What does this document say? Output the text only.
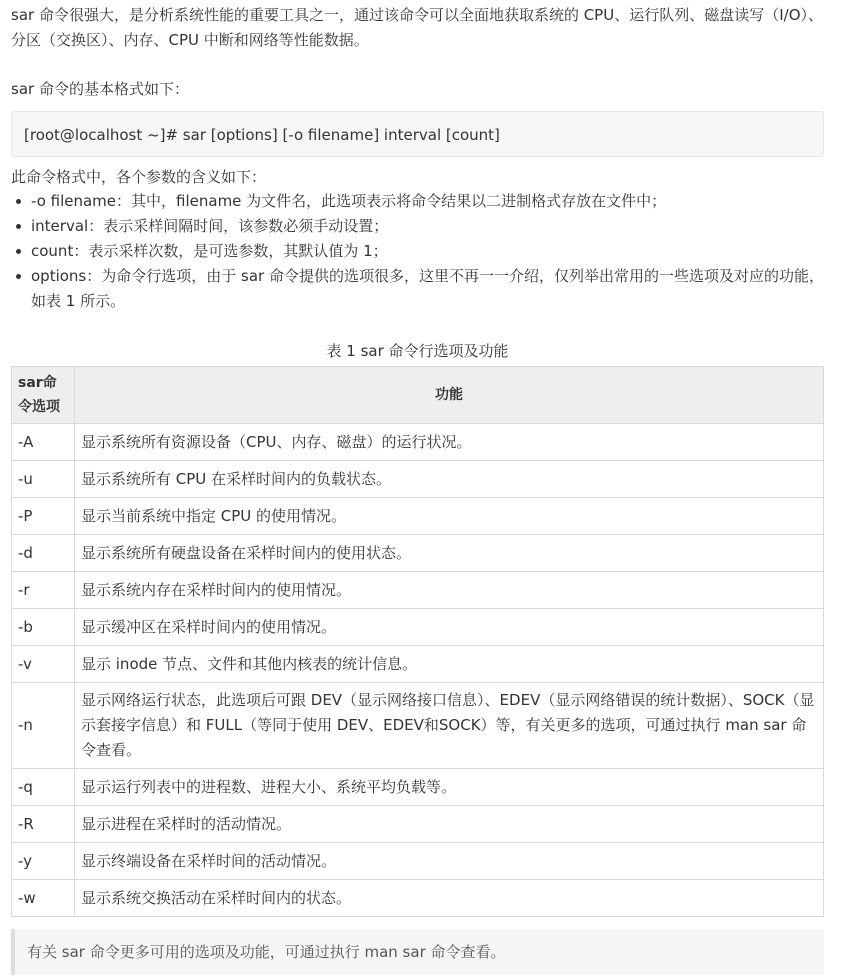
sar 命令很强大，是分析系统性能的重要工具之一，通过该命令可以全面地获取系统的 CPU、运行队列、磁盘读写（I/O）、分区（交换区）、内存、CPU 中断和网络等性能数据。

sar 命令的基本格式如下：

[root@localhost ~]# sar [options] [-o filename] interval [count]

此命令格式中，各个参数的含义如下：

-o filename：其中，filename 为文件名，此选项表示将命令结果以二进制格式存放在文件中；
interval：表示采样间隔时间，该参数必须手动设置；
count：表示采样次数，是可选参数，其默认值为 1；
options：为命令行选项，由于 sar 命令提供的选项很多，这里不再一一介绍，仅列举出常用的一些选项及对应的功能，如表 1 所示。
表 1 sar 命令行选项及功能
sar命令选项	功能
-A	显示系统所有资源设备（CPU、内存、磁盘）的运行状况。
-u	显示系统所有 CPU 在采样时间内的负载状态。
-P	显示当前系统中指定 CPU 的使用情况。
-d	显示系统所有硬盘设备在采样时间内的使用状态。
-r	显示系统内存在采样时间内的使用情况。
-b	显示缓冲区在采样时间内的使用情况。
-v	显示 inode 节点、文件和其他内核表的统计信息。
-n	显示网络运行状态，此选项后可跟 DEV（显示网络接口信息）、EDEV（显示网络错误的统计数据）、SOCK（显示套接字信息）和 FULL（等同于使用 DEV、EDEV和SOCK）等，有关更多的选项，可通过执行 man sar 命令查看。
-q	显示运行列表中的进程数、进程大小、系统平均负载等。
-R	显示进程在采样时的活动情况。
-y	显示终端设备在采样时间的活动情况。
-w	显示系统交换活动在采样时间内的状态。
有关 sar 命令更多可用的选项及功能，可通过执行 man sar 命令查看。
